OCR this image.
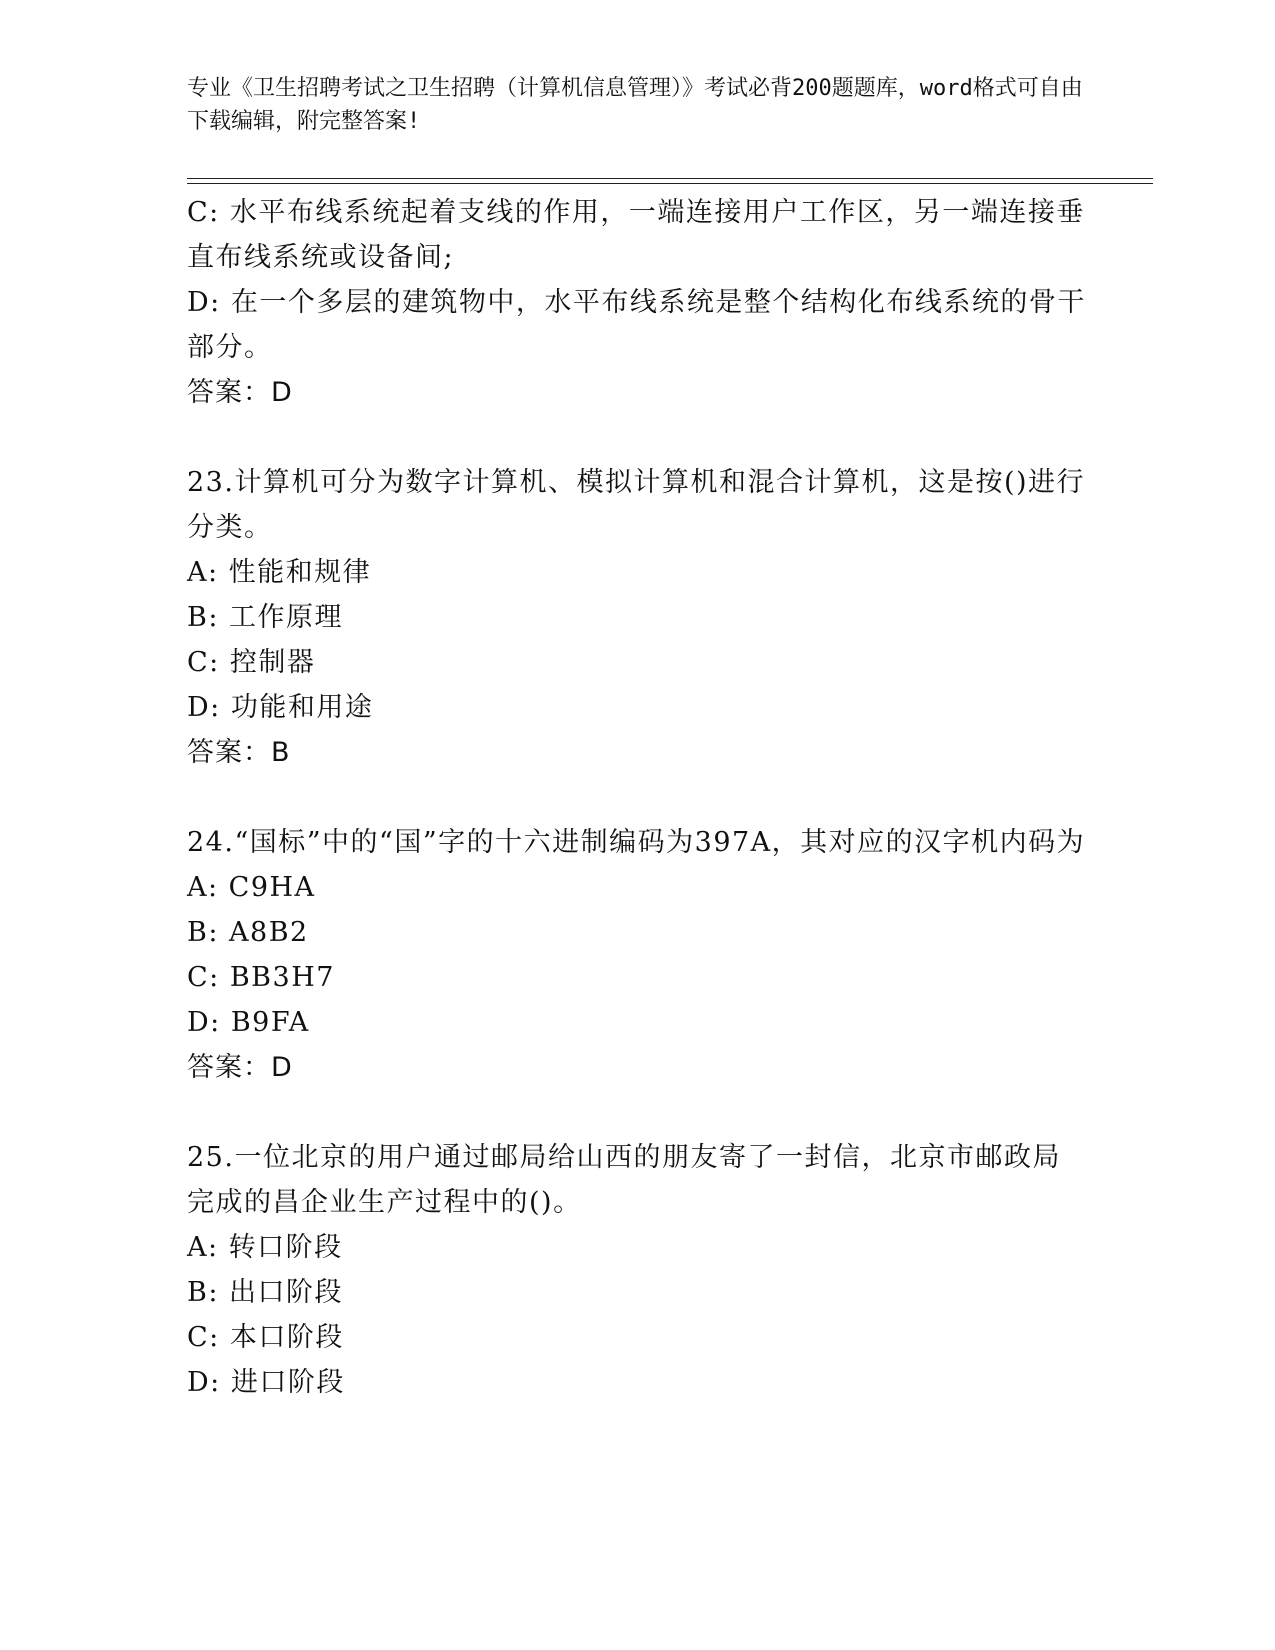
专业《卫生招聘考试之卫生招聘（计算机信息管理）》考试必背200题题库，word格式可自由下载编辑，附完整答案!
C: 水平布线系统起着支线的作用，一端连接用户工作区，另一端连接垂直布线系统或设备间;
D: 在一个多层的建筑物中，水平布线系统是整个结构化布线系统的骨干部分。
答案：D
23.计算机可分为数字计算机、模拟计算机和混合计算机，这是按()进行分类。
A: 性能和规律
B: 工作原理
C: 控制器
D: 功能和用途
答案：B
24.“国标”中的“国”字的十六进制编码为397A，其对应的汉字机内码为
A: C9HA
B: A8B2
C: BB3H7
D: B9FA
答案：D
25.一位北京的用户通过邮局给山西的朋友寄了一封信，北京市邮政局完成的昌企业生产过程中的()。
A: 转口阶段
B: 出口阶段
C: 本口阶段
D: 进口阶段
